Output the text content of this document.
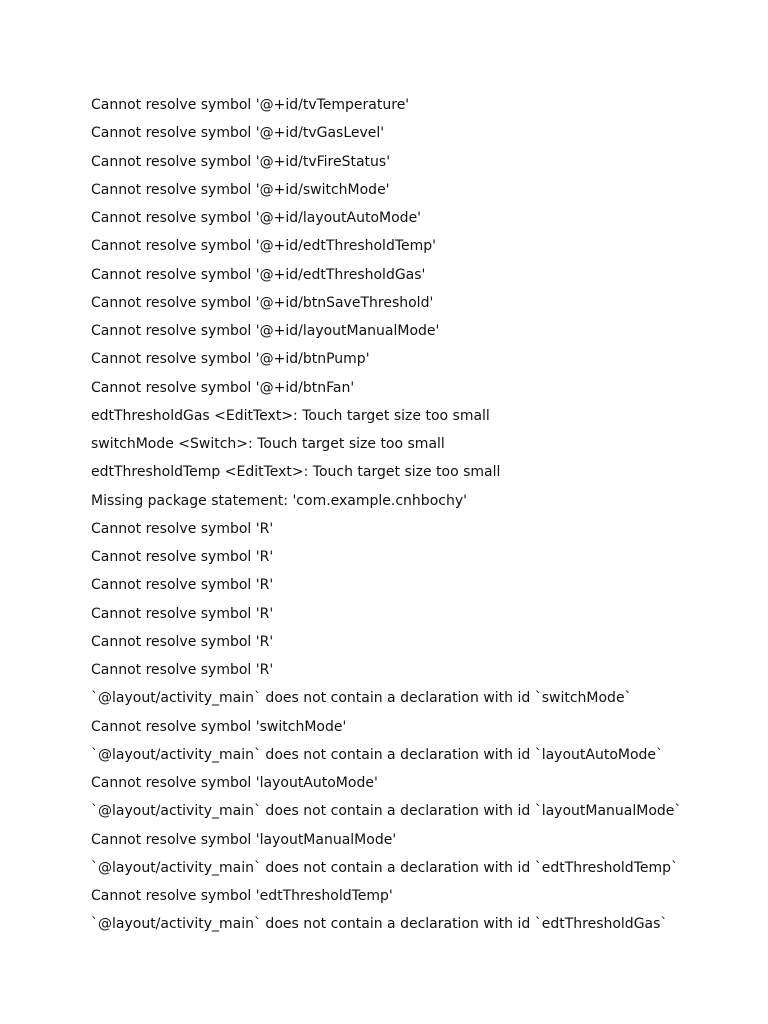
Cannot resolve symbol '@+id/tvTemperature'
Cannot resolve symbol '@+id/tvGasLevel'
Cannot resolve symbol '@+id/tvFireStatus'
Cannot resolve symbol '@+id/switchMode'
Cannot resolve symbol '@+id/layoutAutoMode'
Cannot resolve symbol '@+id/edtThresholdTemp'
Cannot resolve symbol '@+id/edtThresholdGas'
Cannot resolve symbol '@+id/btnSaveThreshold'
Cannot resolve symbol '@+id/layoutManualMode'
Cannot resolve symbol '@+id/btnPump'
Cannot resolve symbol '@+id/btnFan'
edtThresholdGas <EditText>: Touch target size too small
switchMode <Switch>: Touch target size too small
edtThresholdTemp <EditText>: Touch target size too small
Missing package statement: 'com.example.cnhbochy'
Cannot resolve symbol 'R'
Cannot resolve symbol 'R'
Cannot resolve symbol 'R'
Cannot resolve symbol 'R'
Cannot resolve symbol 'R'
Cannot resolve symbol 'R'
`@layout/activity_main` does not contain a declaration with id `switchMode`
Cannot resolve symbol 'switchMode'
`@layout/activity_main` does not contain a declaration with id `layoutAutoMode`
Cannot resolve symbol 'layoutAutoMode'
`@layout/activity_main` does not contain a declaration with id `layoutManualMode`
Cannot resolve symbol 'layoutManualMode'
`@layout/activity_main` does not contain a declaration with id `edtThresholdTemp`
Cannot resolve symbol 'edtThresholdTemp'
`@layout/activity_main` does not contain a declaration with id `edtThresholdGas`
